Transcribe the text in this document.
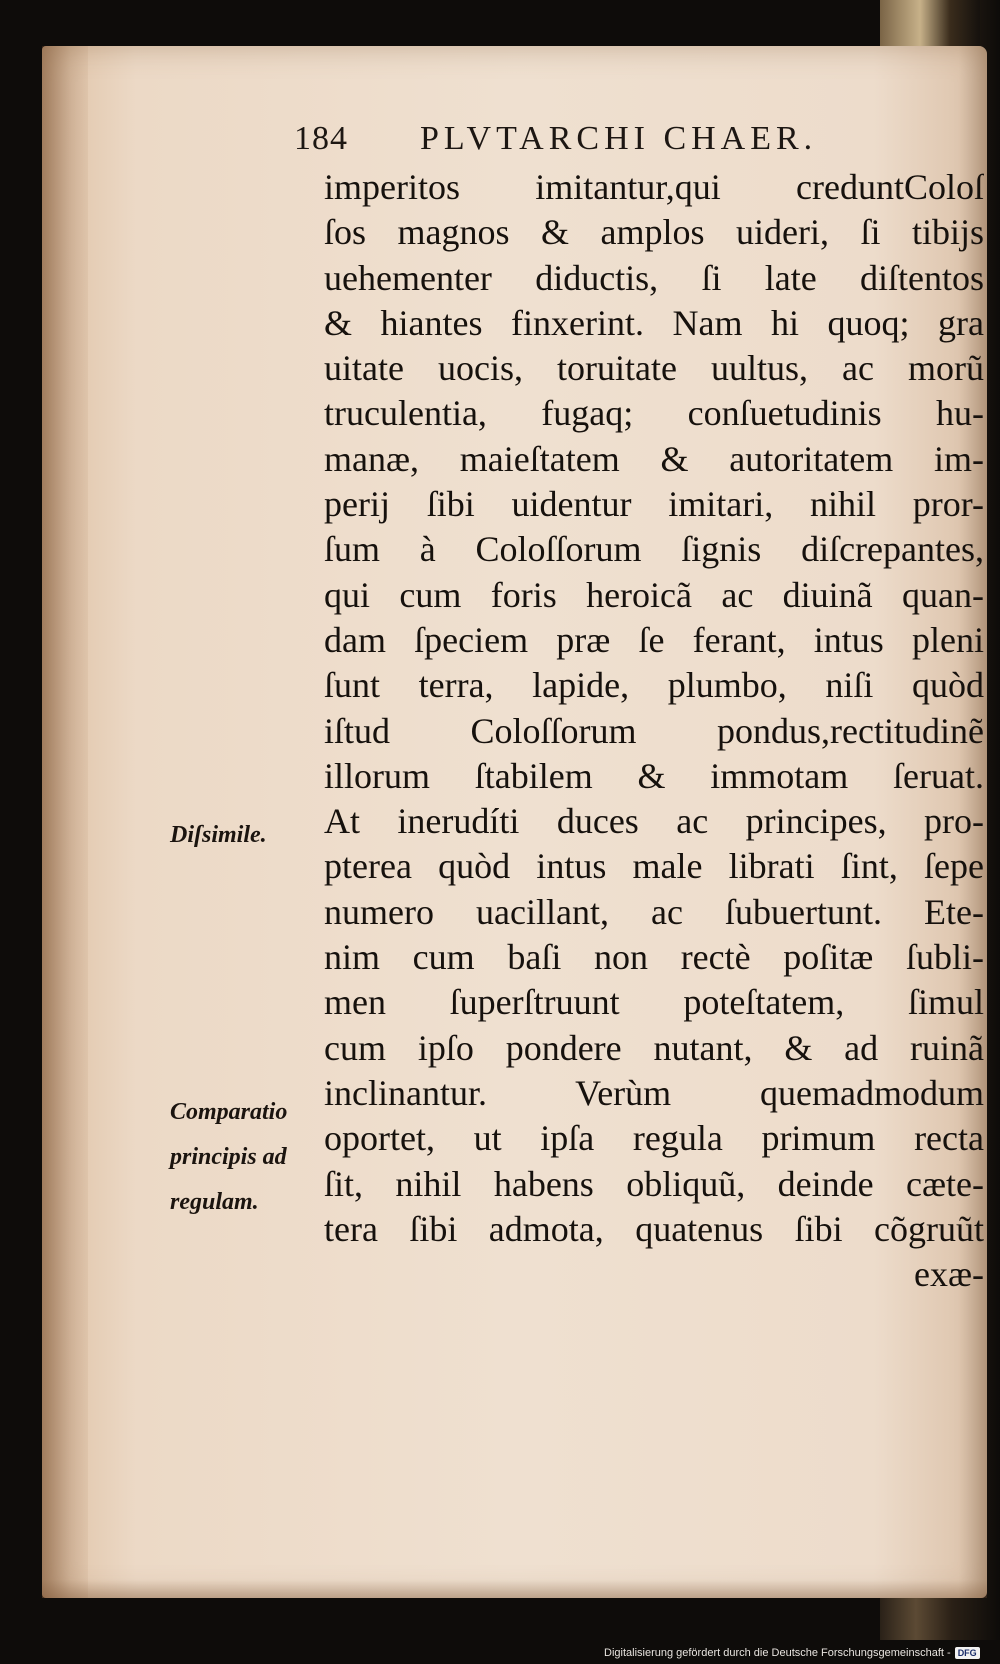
184 PLVTARCHI CHAER.
imperitos imitantur,qui creduntColoſ
ſos magnos & amplos uideri, ſi tibijs
uehementer diductis, ſi late diſtentos
& hiantes finxerint. Nam hi quoq; gra
uitate uocis, toruitate uultus, ac morũ
truculentia, fugaq; conſuetudinis hu-
manæ, maieſtatem & autoritatem im-
perij ſibi uidentur imitari, nihil pror-
ſum à Coloſſorum ſignis diſcrepantes,
qui cum foris heroicã ac diuinã quan-
dam ſpeciem præ ſe ferant, intus pleni
ſunt terra, lapide, plumbo, niſi quòd
iſtud Coloſſorum pondus,rectitudinẽ
illorum ſtabilem & immotam ſeruat.
At inerudíti duces ac principes, pro-
pterea quòd intus male librati ſint, ſepe
numero uacillant, ac ſubuertunt. Ete-
nim cum baſi non rectè poſitæ ſubli-
men ſuperſtruunt poteſtatem, ſimul
cum ipſo pondere nutant, & ad ruinã
inclinantur. Verùm quemadmodum
oportet, ut ipſa regula primum recta
ſit, nihil habens obliquũ, deinde cæte-
tera ſibi admota, quatenus ſibi cõgruũt
exæ-
Diſsimile.
Comparatio
principis ad
regulam.
Digitalisierung gefördert durch die Deutsche Forschungsgemeinschaft - DFG
